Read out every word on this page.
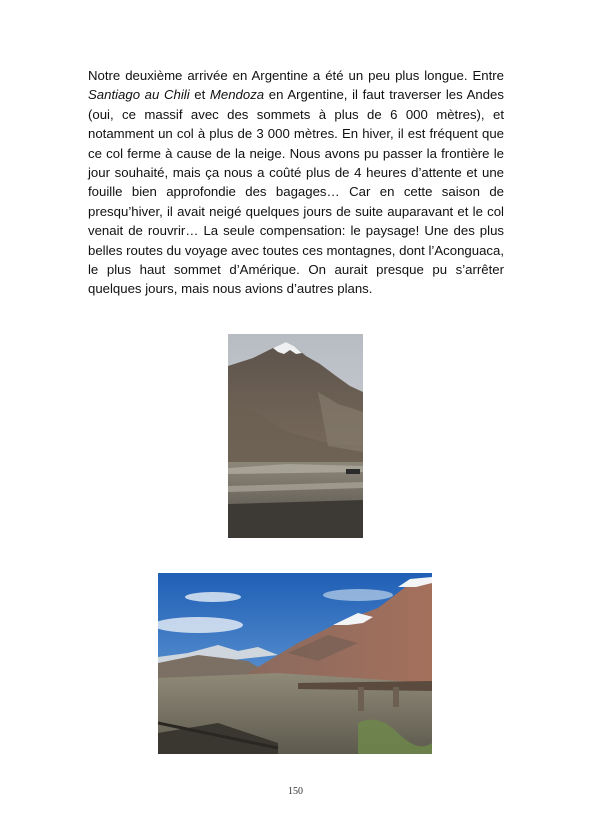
Notre deuxième arrivée en Argentine a été un peu plus longue. Entre Santiago au Chili et Mendoza en Argentine, il faut traverser les Andes (oui, ce massif avec des sommets à plus de 6 000 mètres), et notamment un col à plus de 3 000 mètres. En hiver, il est fréquent que ce col ferme à cause de la neige. Nous avons pu passer la frontière le jour souhaité, mais ça nous a coûté plus de 4 heures d’attente et une fouille bien approfondie des bagages… Car en cette saison de presqu’hiver, il avait neigé quelques jours de suite auparavant et le col venait de rouvrir… La seule compensation: le paysage! Une des plus belles routes du voyage avec toutes ces montagnes, dont l’Aconguaca, le plus haut sommet d’Amérique. On aurait presque pu s’arrêter quelques jours, mais nous avions d’autres plans.

150
